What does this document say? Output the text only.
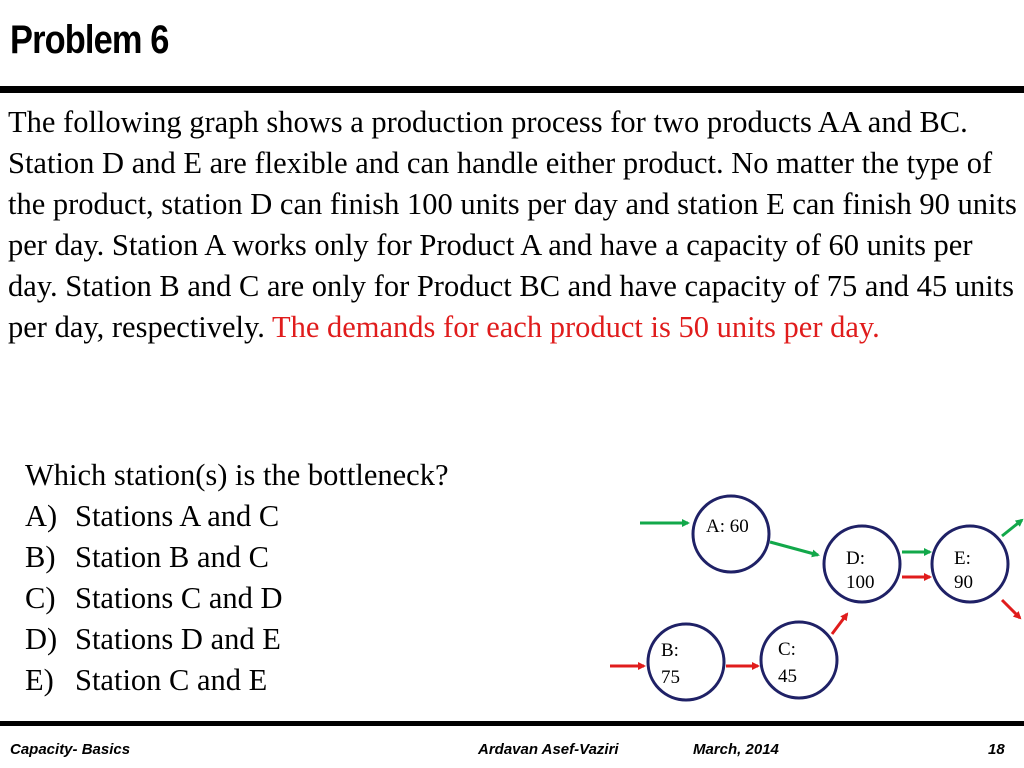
Problem 6
The following graph shows a production process for two products AA and BC. Station D and E are flexible and can handle either product. No matter the type of the product, station D can finish 100 units per day and station E can finish 90 units per day. Station A works only for Product A and have a capacity of 60 units per day. Station B and C are only for Product BC and have capacity of 75 and 45 units per day, respectively. The demands for each product is 50 units per day.
Which station(s) is the bottleneck?
A) Stations A and C
B) Station B and C
C) Stations C and D
D) Stations D and E
E) Station C and E
A: 60
D:
100
E:
90
B:
75
C:
45
Capacity- Basics	Ardavan Asef-Vaziri	March, 2014	18
